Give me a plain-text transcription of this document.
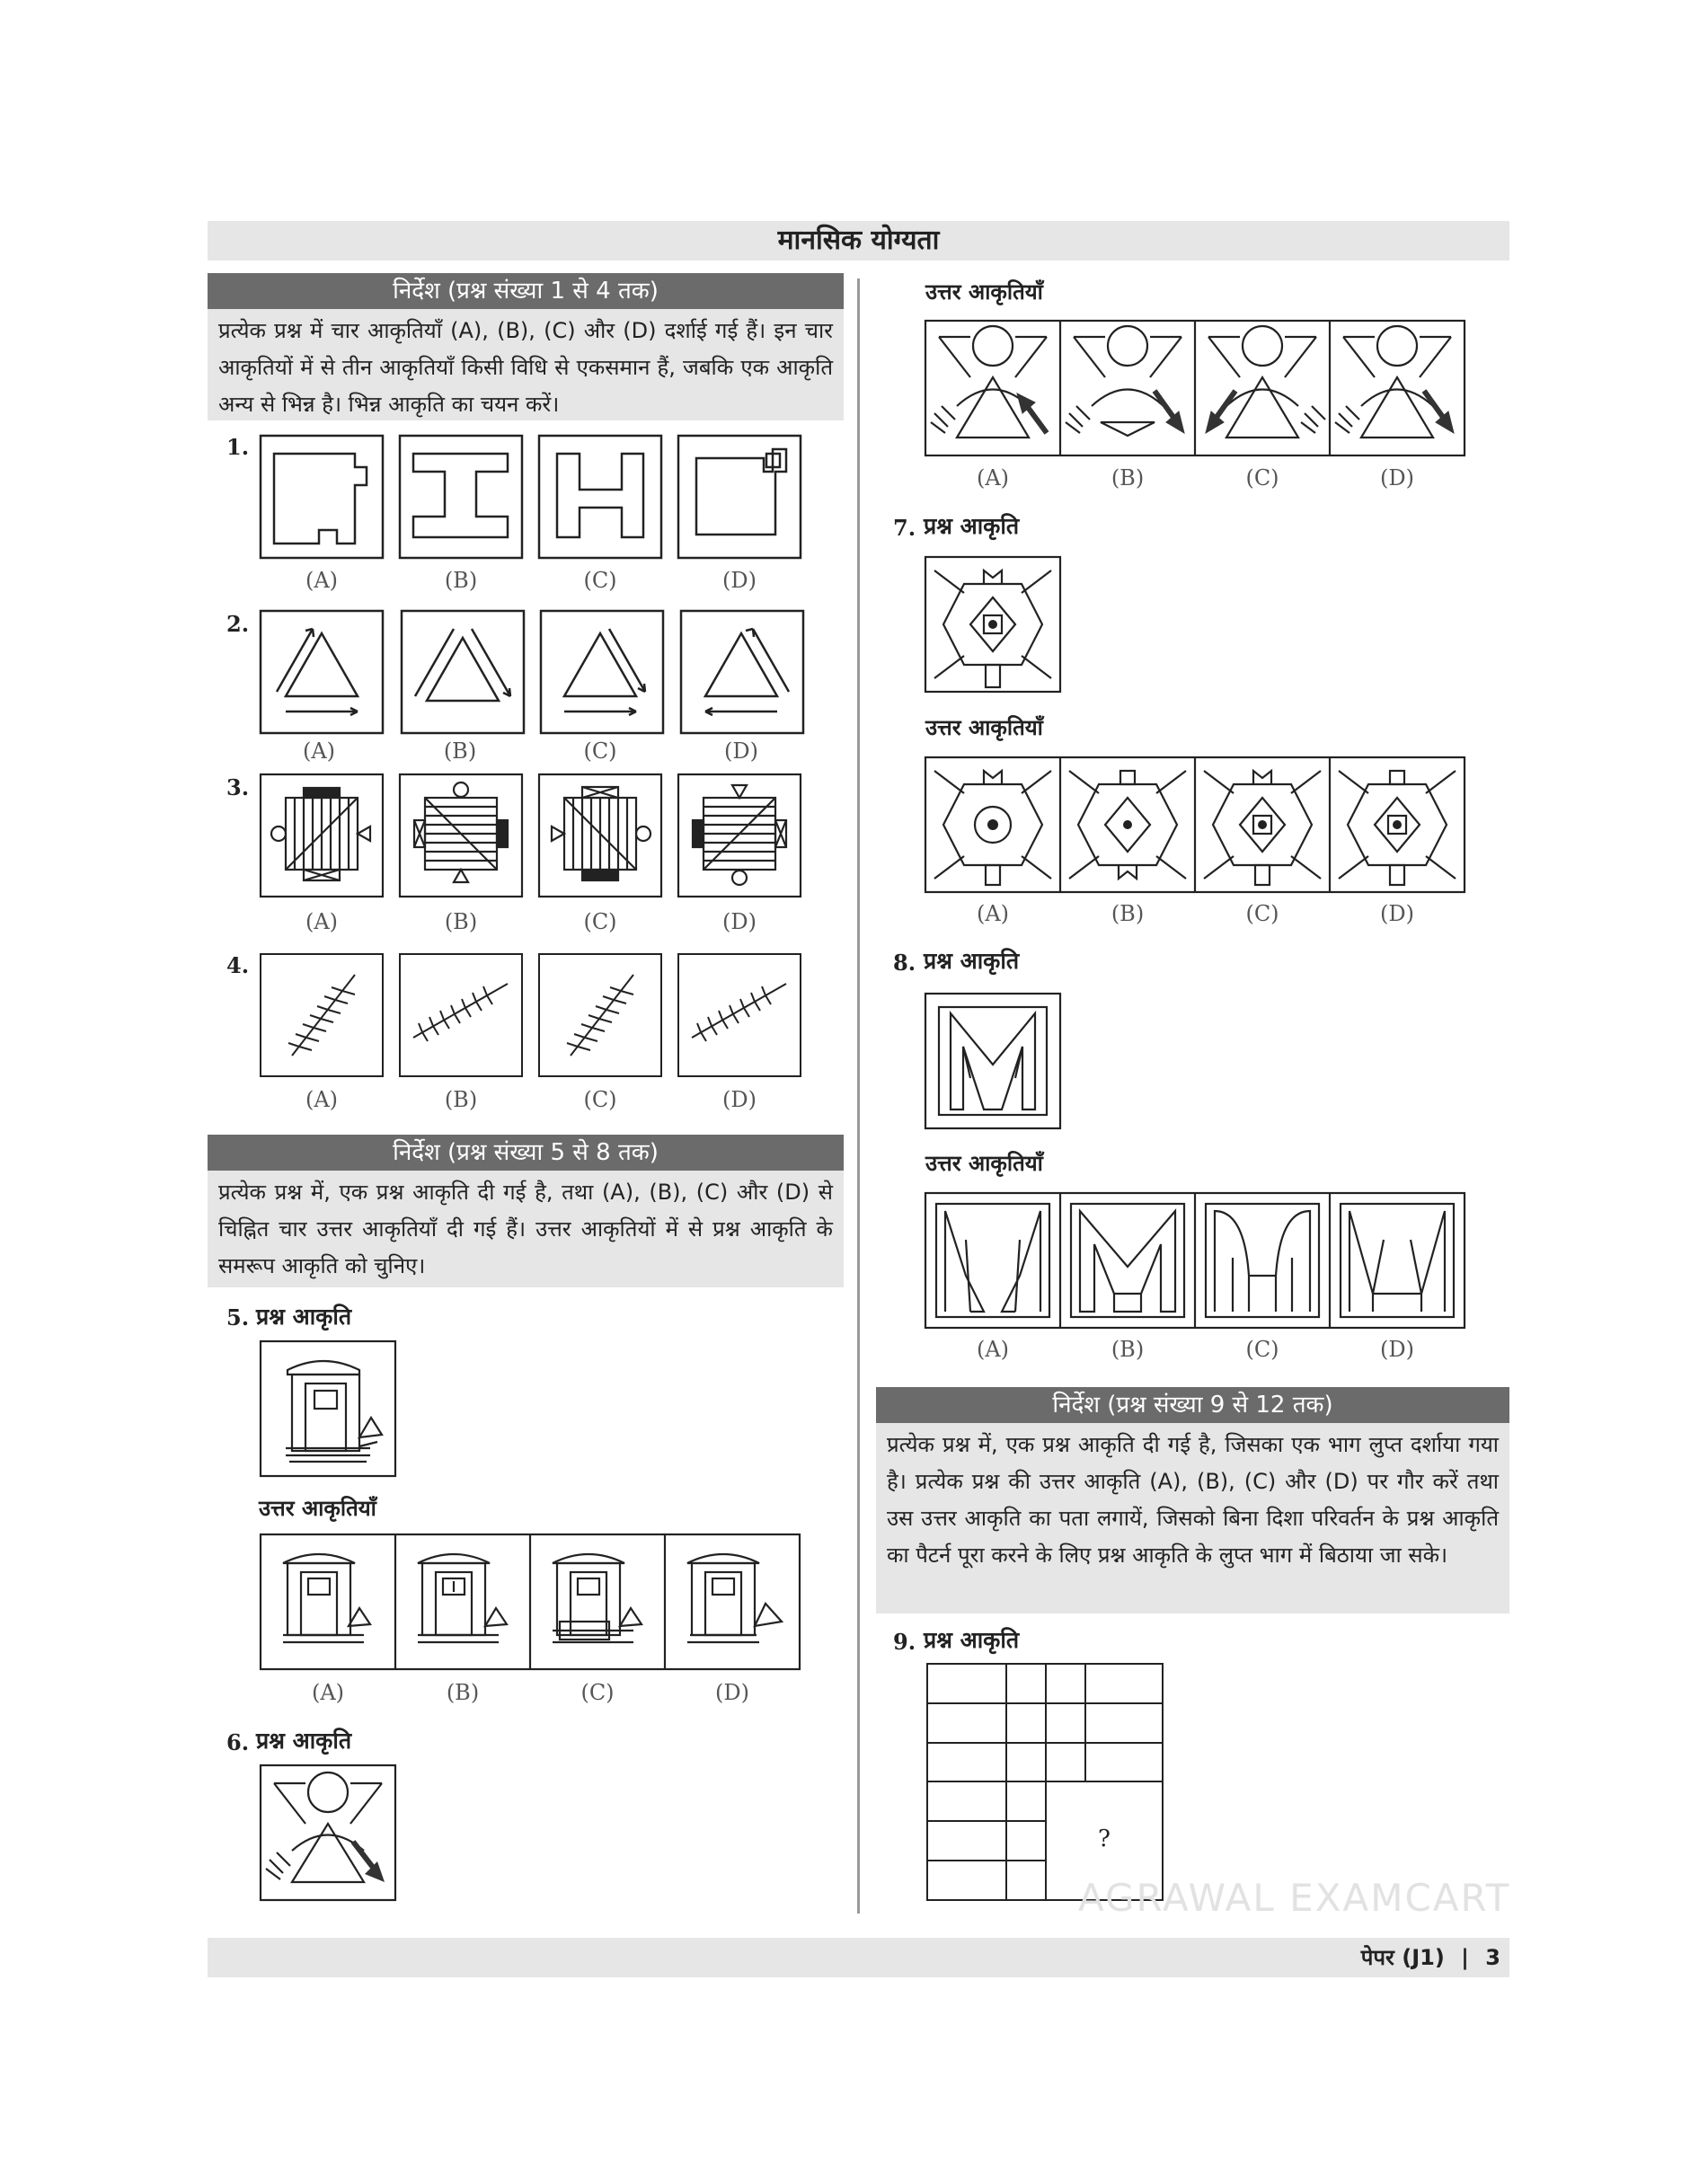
मानसिक योग्यता
निर्देश (प्रश्न संख्या 1 से 4 तक)
प्रत्येक प्रश्न में चार आकृतियाँ (A), (B), (C) और (D) दर्शाई गई हैं। इन चार आकृतियों में से तीन आकृतियाँ किसी विधि से एकसमान हैं, जबकि एक आकृति अन्य से भिन्न है। भिन्न आकृति का चयन करें।
1.
(A)	(B)	(C)	(D)
2.
(A)	(B)	(C)	(D)
3.
(A)	(B)	(C)	(D)
4.
(A)	(B)	(C)	(D)
निर्देश (प्रश्न संख्या 5 से 8 तक)
प्रत्येक प्रश्न में, एक प्रश्न आकृति दी गई है, तथा (A), (B), (C) और (D) से चिह्नित चार उत्तर आकृतियाँ दी गई हैं। उत्तर आकृतियों में से प्रश्न आकृति के समरूप आकृति को चुनिए।
5. प्रश्न आकृति
उत्तर आकृतियाँ
(A)	(B)	(C)	(D)
6. प्रश्न आकृति
उत्तर आकृतियाँ
(A)	(B)	(C)	(D)
7. प्रश्न आकृति
उत्तर आकृतियाँ
(A)	(B)	(C)	(D)
8. प्रश्न आकृति
उत्तर आकृतियाँ
(A)	(B)	(C)	(D)
निर्देश (प्रश्न संख्या 9 से 12 तक)
प्रत्येक प्रश्न में, एक प्रश्न आकृति दी गई है, जिसका एक भाग लुप्त दर्शाया गया है। प्रत्येक प्रश्न की उत्तर आकृति (A), (B), (C) और (D) पर गौर करें तथा उस उत्तर आकृति का पता लगायें, जिसको बिना दिशा परिवर्तन के प्रश्न आकृति का पैटर्न पूरा करने के लिए प्रश्न आकृति के लुप्त भाग में बिठाया जा सके।
9. प्रश्न आकृति
?
AGRAWAL EXAMCART
पेपर (J1) | 3
